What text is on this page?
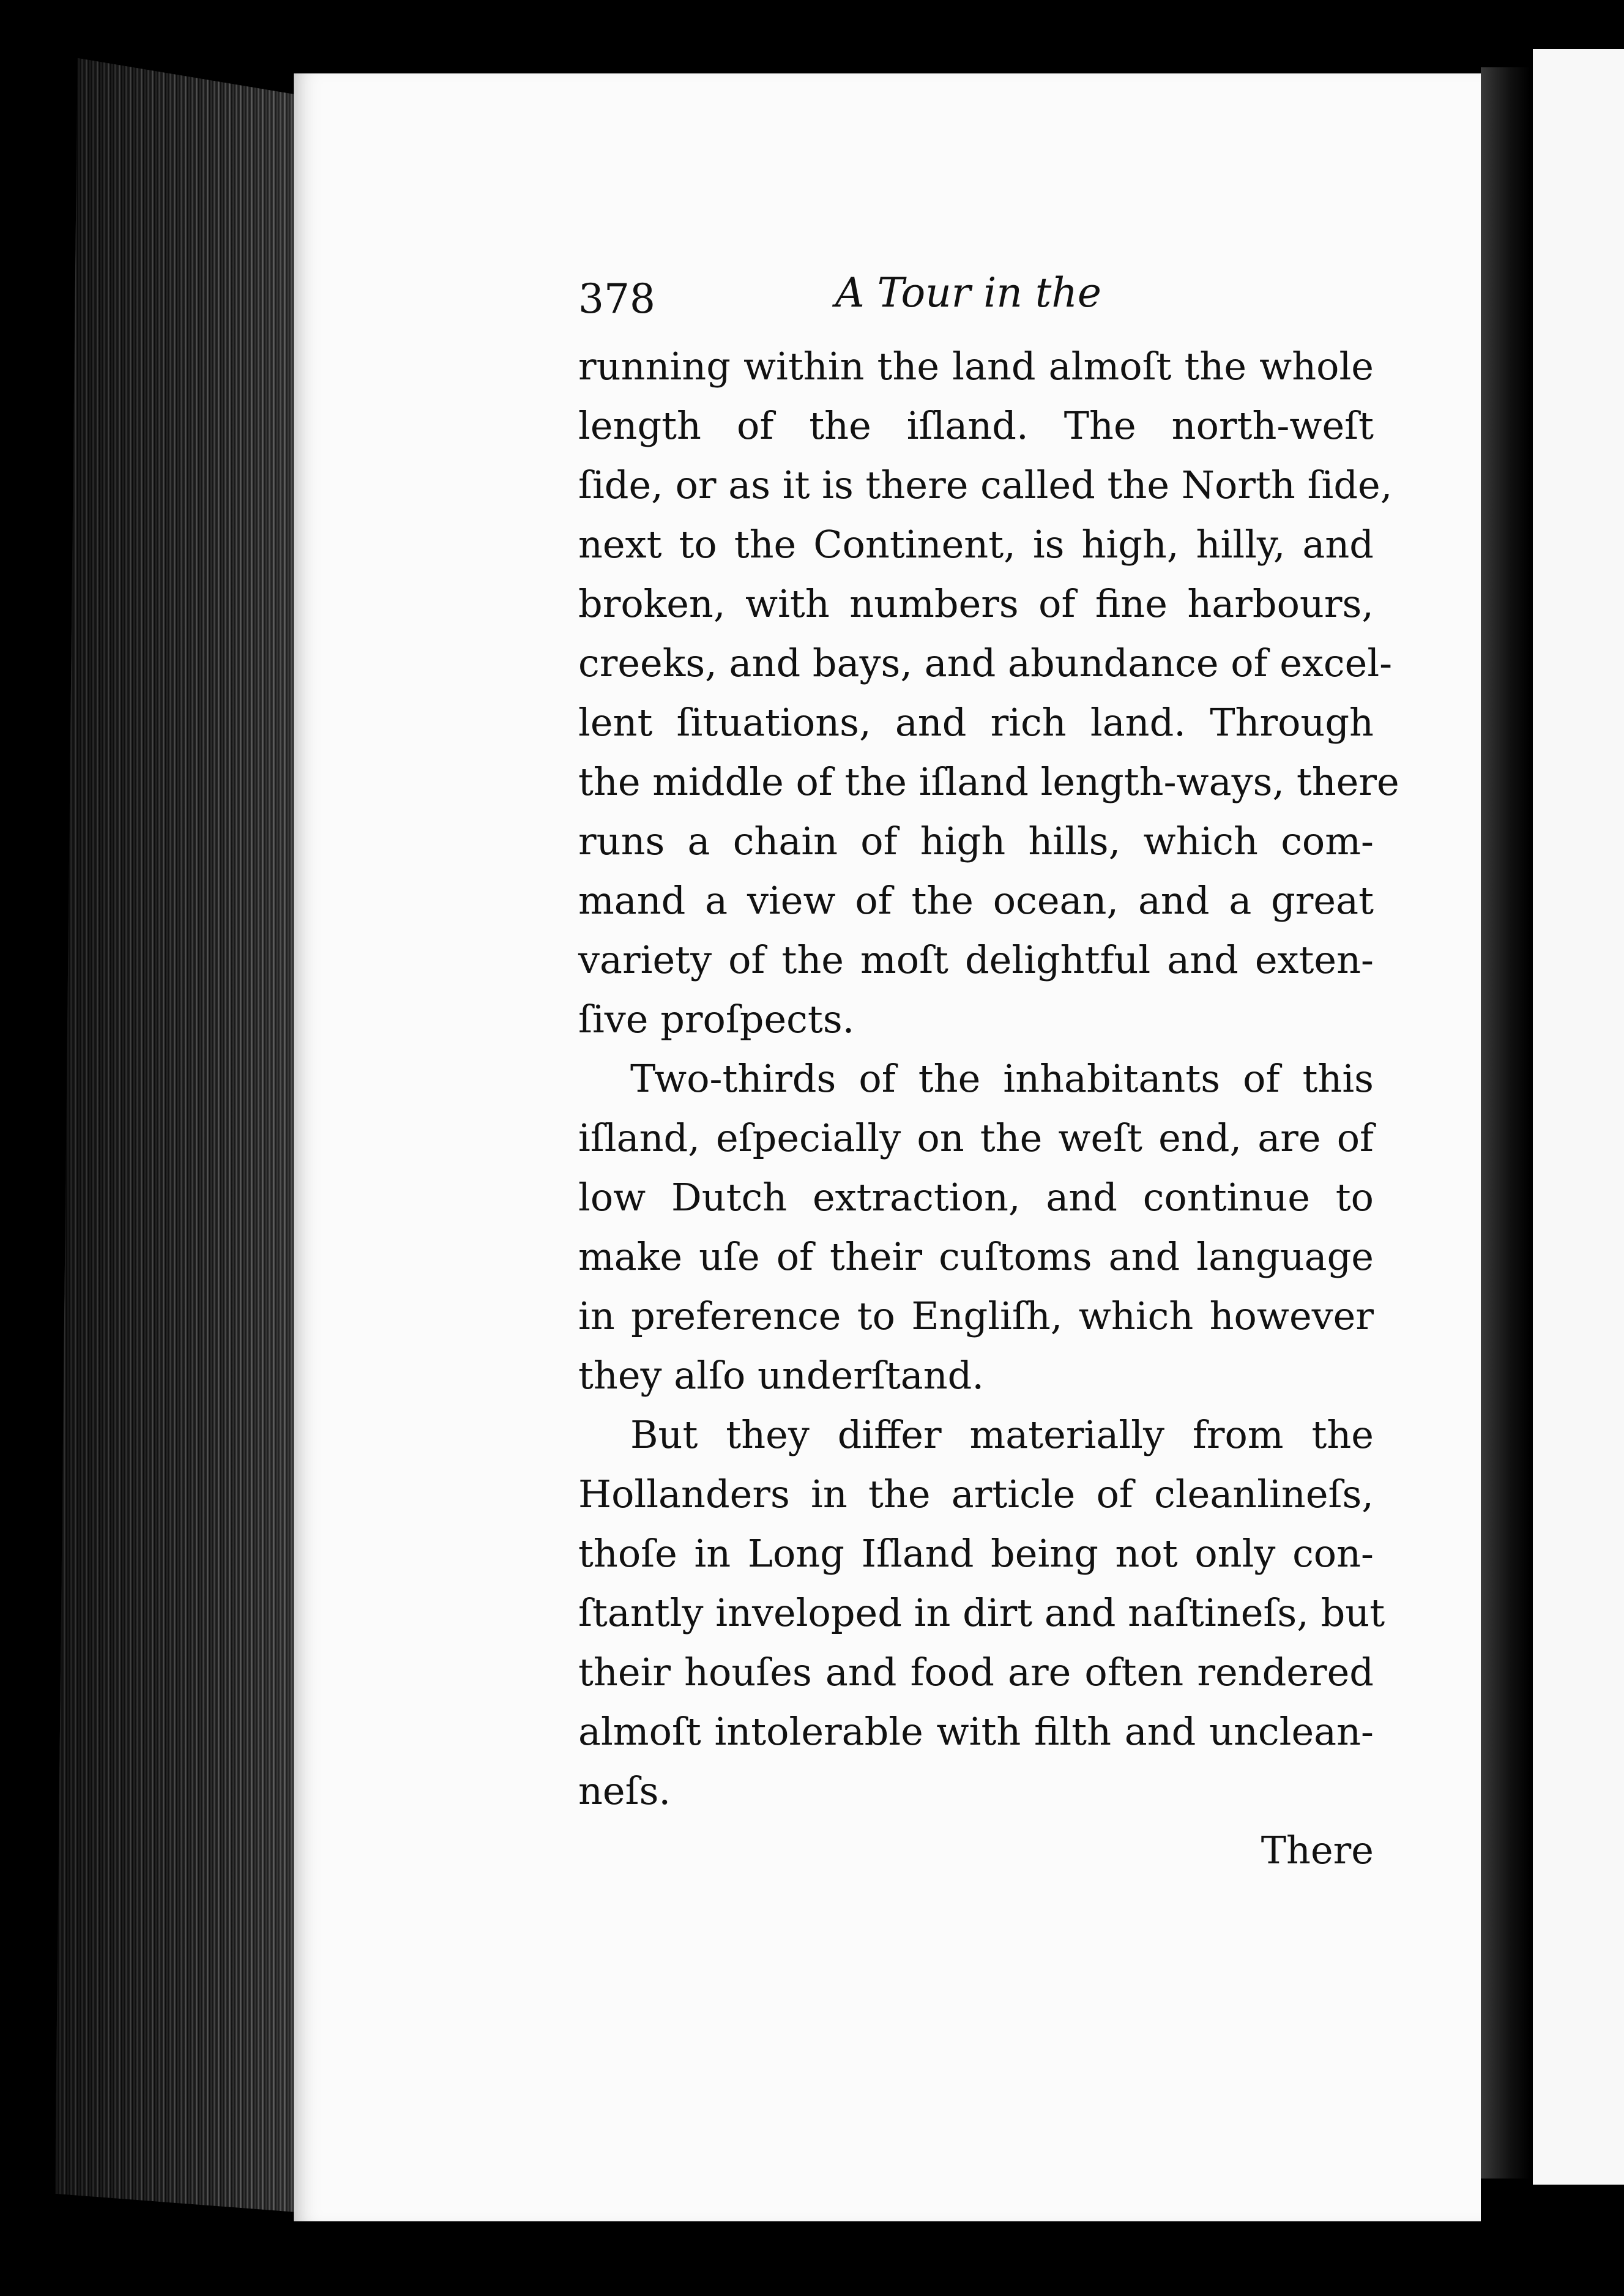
378	A Tour in the
running within the land almoſt the whole
length of the iſland. The north-weſt
ſide, or as it is there called the North ſide,
next to the Continent, is high, hilly, and
broken, with numbers of fine harbours,
creeks, and bays, and abundance of excel-
lent ſituations, and rich land. Through
the middle of the iſland length-ways, there
runs a chain of high hills, which com-
mand a view of the ocean, and a great
variety of the moſt delightful and exten-
ſive proſpects.
Two-thirds of the inhabitants of this
iſland, eſpecially on the weſt end, are of
low Dutch extraction, and continue to
make uſe of their cuſtoms and language
in preference to Engliſh, which however
they alſo underſtand.
But they differ materially from the
Hollanders in the article of cleanlineſs,
thoſe in Long Iſland being not only con-
ſtantly inveloped in dirt and naſtineſs, but
their houſes and food are often rendered
almoſt intolerable with filth and unclean-
neſs.
There
